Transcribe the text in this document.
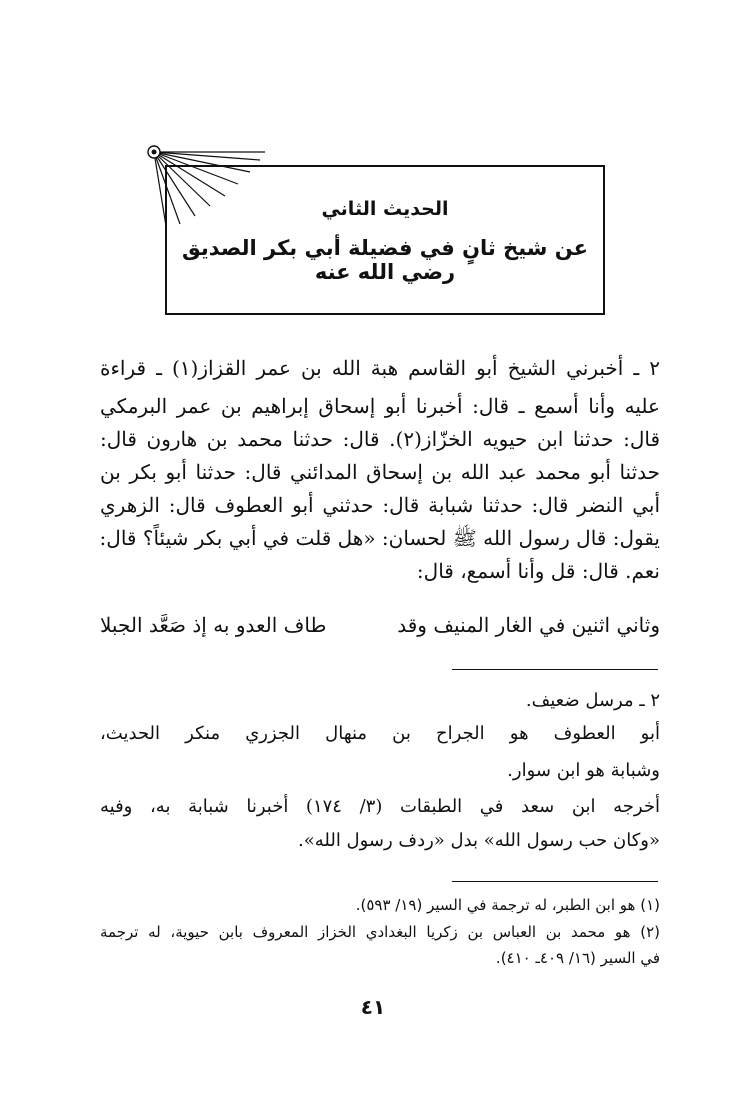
الحديث الثاني
عن شيخ ثانٍ في فضيلة أبي بكر الصديق رضي الله عنه
٢ ـ أخبرني الشيخ أبو القاسم هبة الله بن عمر القزاز(١) ـ قراءة
عليه وأنا أسمع ـ قال: أخبرنا أبو إسحاق إبراهيم بن عمر البرمكي
قال: حدثنا ابن حيويه الخزّاز(٢). قال: حدثنا محمد بن هارون قال:
حدثنا أبو محمد عبد الله بن إسحاق المدائني قال: حدثنا أبو بكر بن
أبي النضر قال: حدثنا شبابة قال: حدثني أبو العطوف قال: الزهري
يقول: قال رسول الله ﷺ لحسان: «هل قلت في أبي بكر شيئاً؟ قال:
نعم. قال: قل وأنا أسمع، قال:
وثاني اثنين في الغار المنيف وقد
طاف العدو به إذ صَعَّد الجبلا
٢ ـ مرسل ضعيف.
أبو العطوف هو الجراح بن منهال الجزري منكر الحديث،
وشبابة هو ابن سوار.
أخرجه ابن سعد في الطبقات (٣/ ١٧٤) أخبرنا شبابة به، وفيه
«وكان حب رسول الله» بدل «ردف رسول الله».
(١) هو ابن الطبر، له ترجمة في السير (١٩/ ٥٩٣).
(٢) هو محمد بن العباس بن زكريا البغدادي الخزاز المعروف بابن حيوية، له ترجمة
في السير (١٦/ ٤٠٩ـ ٤١٠).
٤١
